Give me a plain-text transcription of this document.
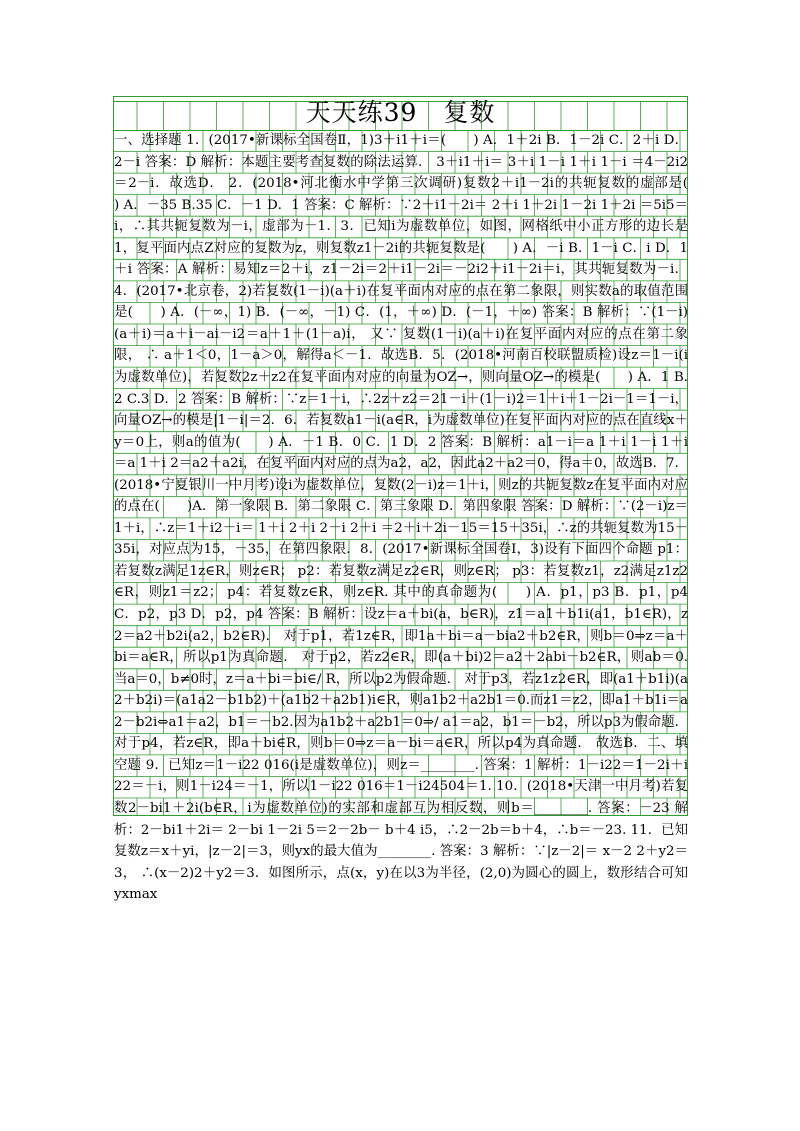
天天练39　复数

一、选择题 1．(2017•新课标全国卷Ⅱ，1)3＋i1＋i＝(　　) A．1＋2i B．1－2i C．2＋i D．2－i 答案：D 解析：本题主要考查复数的除法运算． 3＋i1＋i＝ 3＋i 1－i 1＋i 1－i ＝4－2i2＝2－i．故选D． 2．(2018•河北衡水中学第三次调研)复数2＋i1－2i的共轭复数的虚部是(　　) A．－35 B.35 C．－1 D．1 答案：C 解析：∵2＋i1－2i＝ 2＋i 1＋2i 1－2i 1＋2i ＝5i5＝i，∴其共轭复数为－i，虚部为－1．3．已知i为虚数单位，如图，网格纸中小正方形的边长是1，复平面内点Z对应的复数为z，则复数z1－2i的共轭复数是(　　) A．－i B．1－i C．i D．1＋i 答案：A 解析：易知z＝2＋i，z1－2i＝2＋i1－2i＝－2i2＋i1－2i＝i，其共轭复数为－i．4．(2017•北京卷，2)若复数(1－i)(a＋i)在复平面内对应的点在第二象限，则实数a的取值范围是(　　) A．(－∞，1) B．(－∞，－1) C．(1，＋∞) D．(－1，＋∞) 答案：B 解析：∵(1－i)(a＋i)＝a＋i－ai－i2＝a＋1＋(1－a)i， 又∵ 复数(1－i)(a＋i)在复平面内对应的点在第二象限， ∴ a＋1＜0，1－a＞0，解得a＜－1．故选B．5．(2018•河南百校联盟质检)设z＝1－i(i为虚数单位)，若复数2z＋z2在复平面内对应的向量为OZ→，则向量OZ→的模是(　　) A．1 B.2 C.3 D．2 答案：B 解析：∵z＝1－i，∴2z＋z2＝21－i＋(1－i)2＝1＋i＋1－2i－1＝1－i，向量OZ→的模是|1－i|＝2．6．若复数a1－i(a∈R，i为虚数单位)在复平面内对应的点在直线x＋y＝0上，则a的值为(　　) A．－1 B．0 C．1 D．2 答案：B 解析：a1－i＝a 1＋i 1－i 1＋i ＝a 1＋i 2＝a2＋a2i，在复平面内对应的点为a2，a2，因此a2＋a2＝0，得a＝0，故选B．7．(2018•宁夏银川一中月考)设i为虚数单位，复数(2－i)z＝1＋i，则z的共轭复数z在复平面内对应的点在(　　)A．第一象限 B．第二象限 C．第三象限 D．第四象限 答案：D 解析：∵(2－i)z＝1＋i，∴z＝1＋i2－i＝ 1＋i 2＋i 2－i 2＋i ＝2＋i＋2i－15＝15＋35i，∴z的共轭复数为15－35i，对应点为15，－35，在第四象限．8．(2017•新课标全国卷Ⅰ，3)设有下面四个命题 p1：若复数z满足1z∈R，则z∈R； p2：若复数z满足z2∈R，则z∈R； p3：若复数z1，z2满足z1z2∈R，则z1＝z2； p4：若复数z∈R，则z∈R. 其中的真命题为(　　) A．p1，p3 B．p1，p4 C．p2，p3 D．p2，p4 答案：B 解析：设z＝a＋bi(a，b∈R)，z1＝a1＋b1i(a1，b1∈R)，z2＝a2＋b2i(a2，b2∈R)． 对于p1，若1z∈R，即1a＋bi＝a－bia2＋b2∈R，则b＝0⇒z＝a＋bi＝a∈R，所以p1为真命题． 对于p2，若z2∈R，即(a＋bi)2＝a2＋2abi－b2∈R，则ab＝0.当a＝0，b≠0时，z＝a＋bi＝bi∈/ R，所以p2为假命题． 对于p3，若z1z2∈R，即(a1＋b1i)(a2＋b2i)＝(a1a2－b1b2)＋(a1b2＋a2b1)i∈R，则a1b2＋a2b1＝0.而z1＝z2，即a1＋b1i＝a2－b2i⇔a1＝a2，b1＝－b2.因为a1b2＋a2b1＝0⇒/ a1＝a2，b1＝－b2，所以p3为假命题． 对于p4，若z∈R，即a＋bi∈R，则b＝0⇒z＝a－bi＝a∈R，所以p4为真命题． 故选B．二、填空题 9．已知z＝1－i22 016(i是虚数单位)，则z＝________. 答案：1 解析：1－i22＝1－2i＋i22＝－i，则1－i24＝－1，所以1－i22 016＝1－i24504＝1. 10．(2018•天津一中月考)若复数2－bi1＋2i(b∈R，i为虚数单位)的实部和虚部互为相反数，则b＝________. 答案：－23 解析：2－bi1＋2i＝ 2－bi 1－2i 5＝2－2b－ b＋4 i5，∴2－2b＝b＋4，∴b＝－23. 11．已知复数z＝x＋yi，|z－2|＝3，则yx的最大值为________. 答案：3 解析：∵|z－2|＝ x－2 2＋y2＝3， ∴(x－2)2＋y2＝3．如图所示，点(x，y)在以3为半径，(2,0)为圆心的圆上，数形结合可知yxmax
